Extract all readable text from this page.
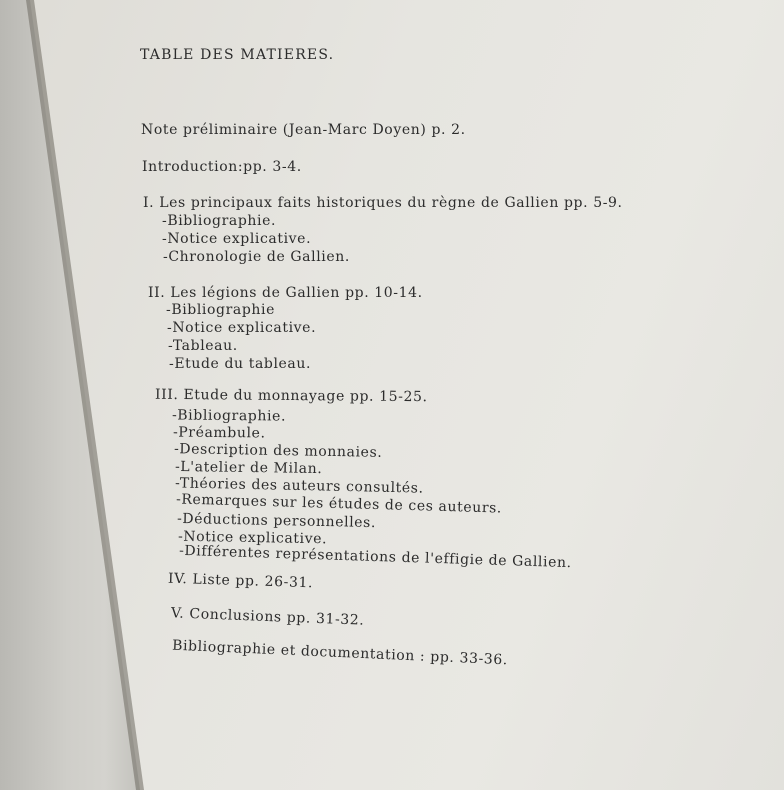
TABLE DES MATIERES.
Note préliminaire (Jean-Marc Doyen) p. 2.
Introduction:pp. 3-4.
I. Les principaux faits historiques du règne de Gallien pp. 5-9.
-Bibliographie.
-Notice explicative.
-Chronologie de Gallien.
II. Les légions de Gallien pp. 10-14.
-Bibliographie
-Notice explicative.
-Tableau.
-Etude du tableau.
III. Etude du monnayage pp. 15-25.
-Bibliographie.
-Préambule.
-Description des monnaies.
-L'atelier de Milan.
-Théories des auteurs consultés.
-Remarques sur les études de ces auteurs.
-Déductions personnelles.
-Notice explicative.
-Différentes représentations de l'effigie de Gallien.
IV. Liste pp. 26-31.
V. Conclusions pp. 31-32.
Bibliographie et documentation : pp. 33-36.
